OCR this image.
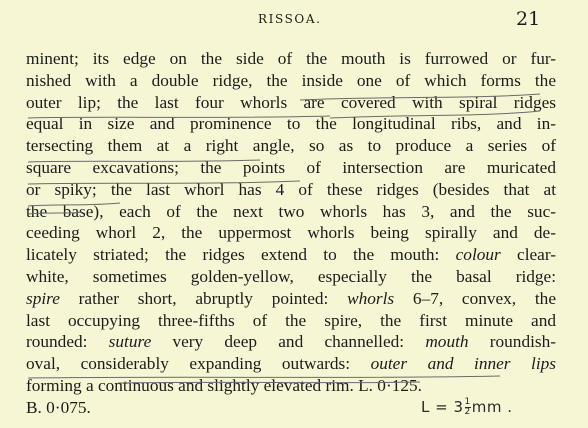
RISSOA.	21
minent; its edge on the side of the mouth is furrowed or fur-
nished with a double ridge, the inside one of which forms the
outer lip; the last four whorls are covered with spiral ridges
equal in size and prominence to the longitudinal ribs, and in-
tersecting them at a right angle, so as to produce a series of
square excavations; the points of intersection are muricated
or spiky; the last whorl has 4 of these ridges (besides that at
the base), each of the next two whorls has 3, and the suc-
ceeding whorl 2, the uppermost whorls being spirally and de-
licately striated; the ridges extend to the mouth: colour clear-
white, sometimes golden-yellow, especially the basal ridge:
spire rather short, abruptly pointed: whorls 6–7, convex, the
last occupying three-fifths of the spire, the first minute and
rounded: suture very deep and channelled: mouth roundish-
oval, considerably expanding outwards: outer and inner lips
forming a continuous and slightly elevated rim. L. 0·125.
B. 0·075.	$L = 3 \frac{1}{2}$ mm .
